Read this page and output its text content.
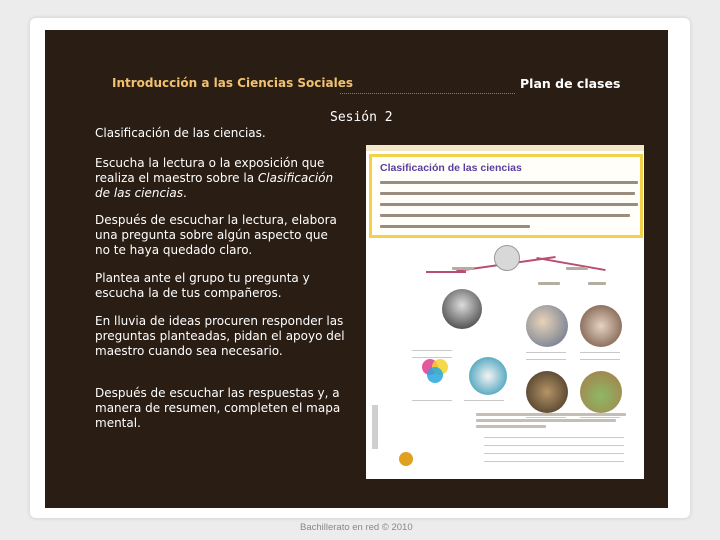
Introducción a las Ciencias Sociales	Plan de clases
Sesión 2
Clasificación de las ciencias.
Escucha la lectura o la exposición que realiza el maestro sobre la Clasificación de las ciencias.
Después de escuchar la lectura, elabora una pregunta sobre algún aspecto que no te haya quedado claro.
Plantea ante el grupo tu pregunta y escucha la de tus compañeros.
En lluvia de ideas procuren responder las preguntas planteadas, pidan el apoyo del maestro cuando sea necesario.
Después de escuchar las respuestas y, a manera de resumen, completen el mapa mental.
Clasificación de las ciencias
Bachillerato en red © 2010
